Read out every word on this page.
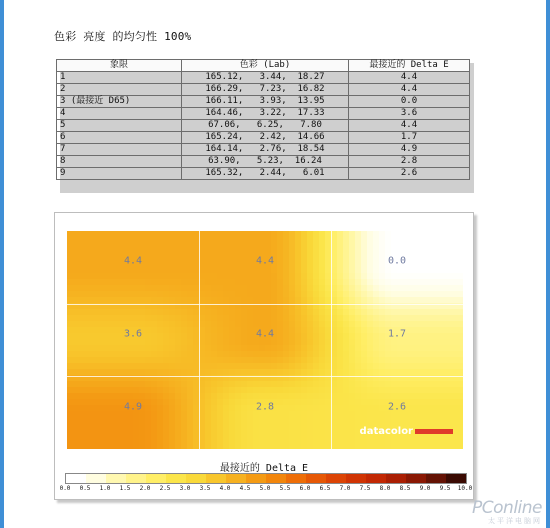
色彩 亮度 的均匀性 100%
象限	色彩 (Lab)	最接近的 Delta E
1	165.12,   3.44,  18.27	4.4
2	166.29,   7.23,  16.82	4.4
3 (最接近 D65)	166.11,   3.93,  13.95	0.0
4	164.46,   3.22,  17.33	3.6
5	67.06,   6.25,   7.80	4.4
6	165.24,   2.42,  14.66	1.7
7	164.14,   2.76,  18.54	4.9
8	63.90,   5.23,  16.24	2.8
9	165.32,   2.44,   6.01	2.6
4.4	4.4	0.0
3.6	4.4	1.7
4.9	2.8	2.6
datacolor
最接近的 Delta E
0.0 0.5 1.0 1.5 2.0 2.5 3.0 3.5 4.0 4.5 5.0 5.5 6.0 6.5 7.0 7.5 8.0 8.5 9.0 9.5 10.0
PConline
太平洋电脑网
